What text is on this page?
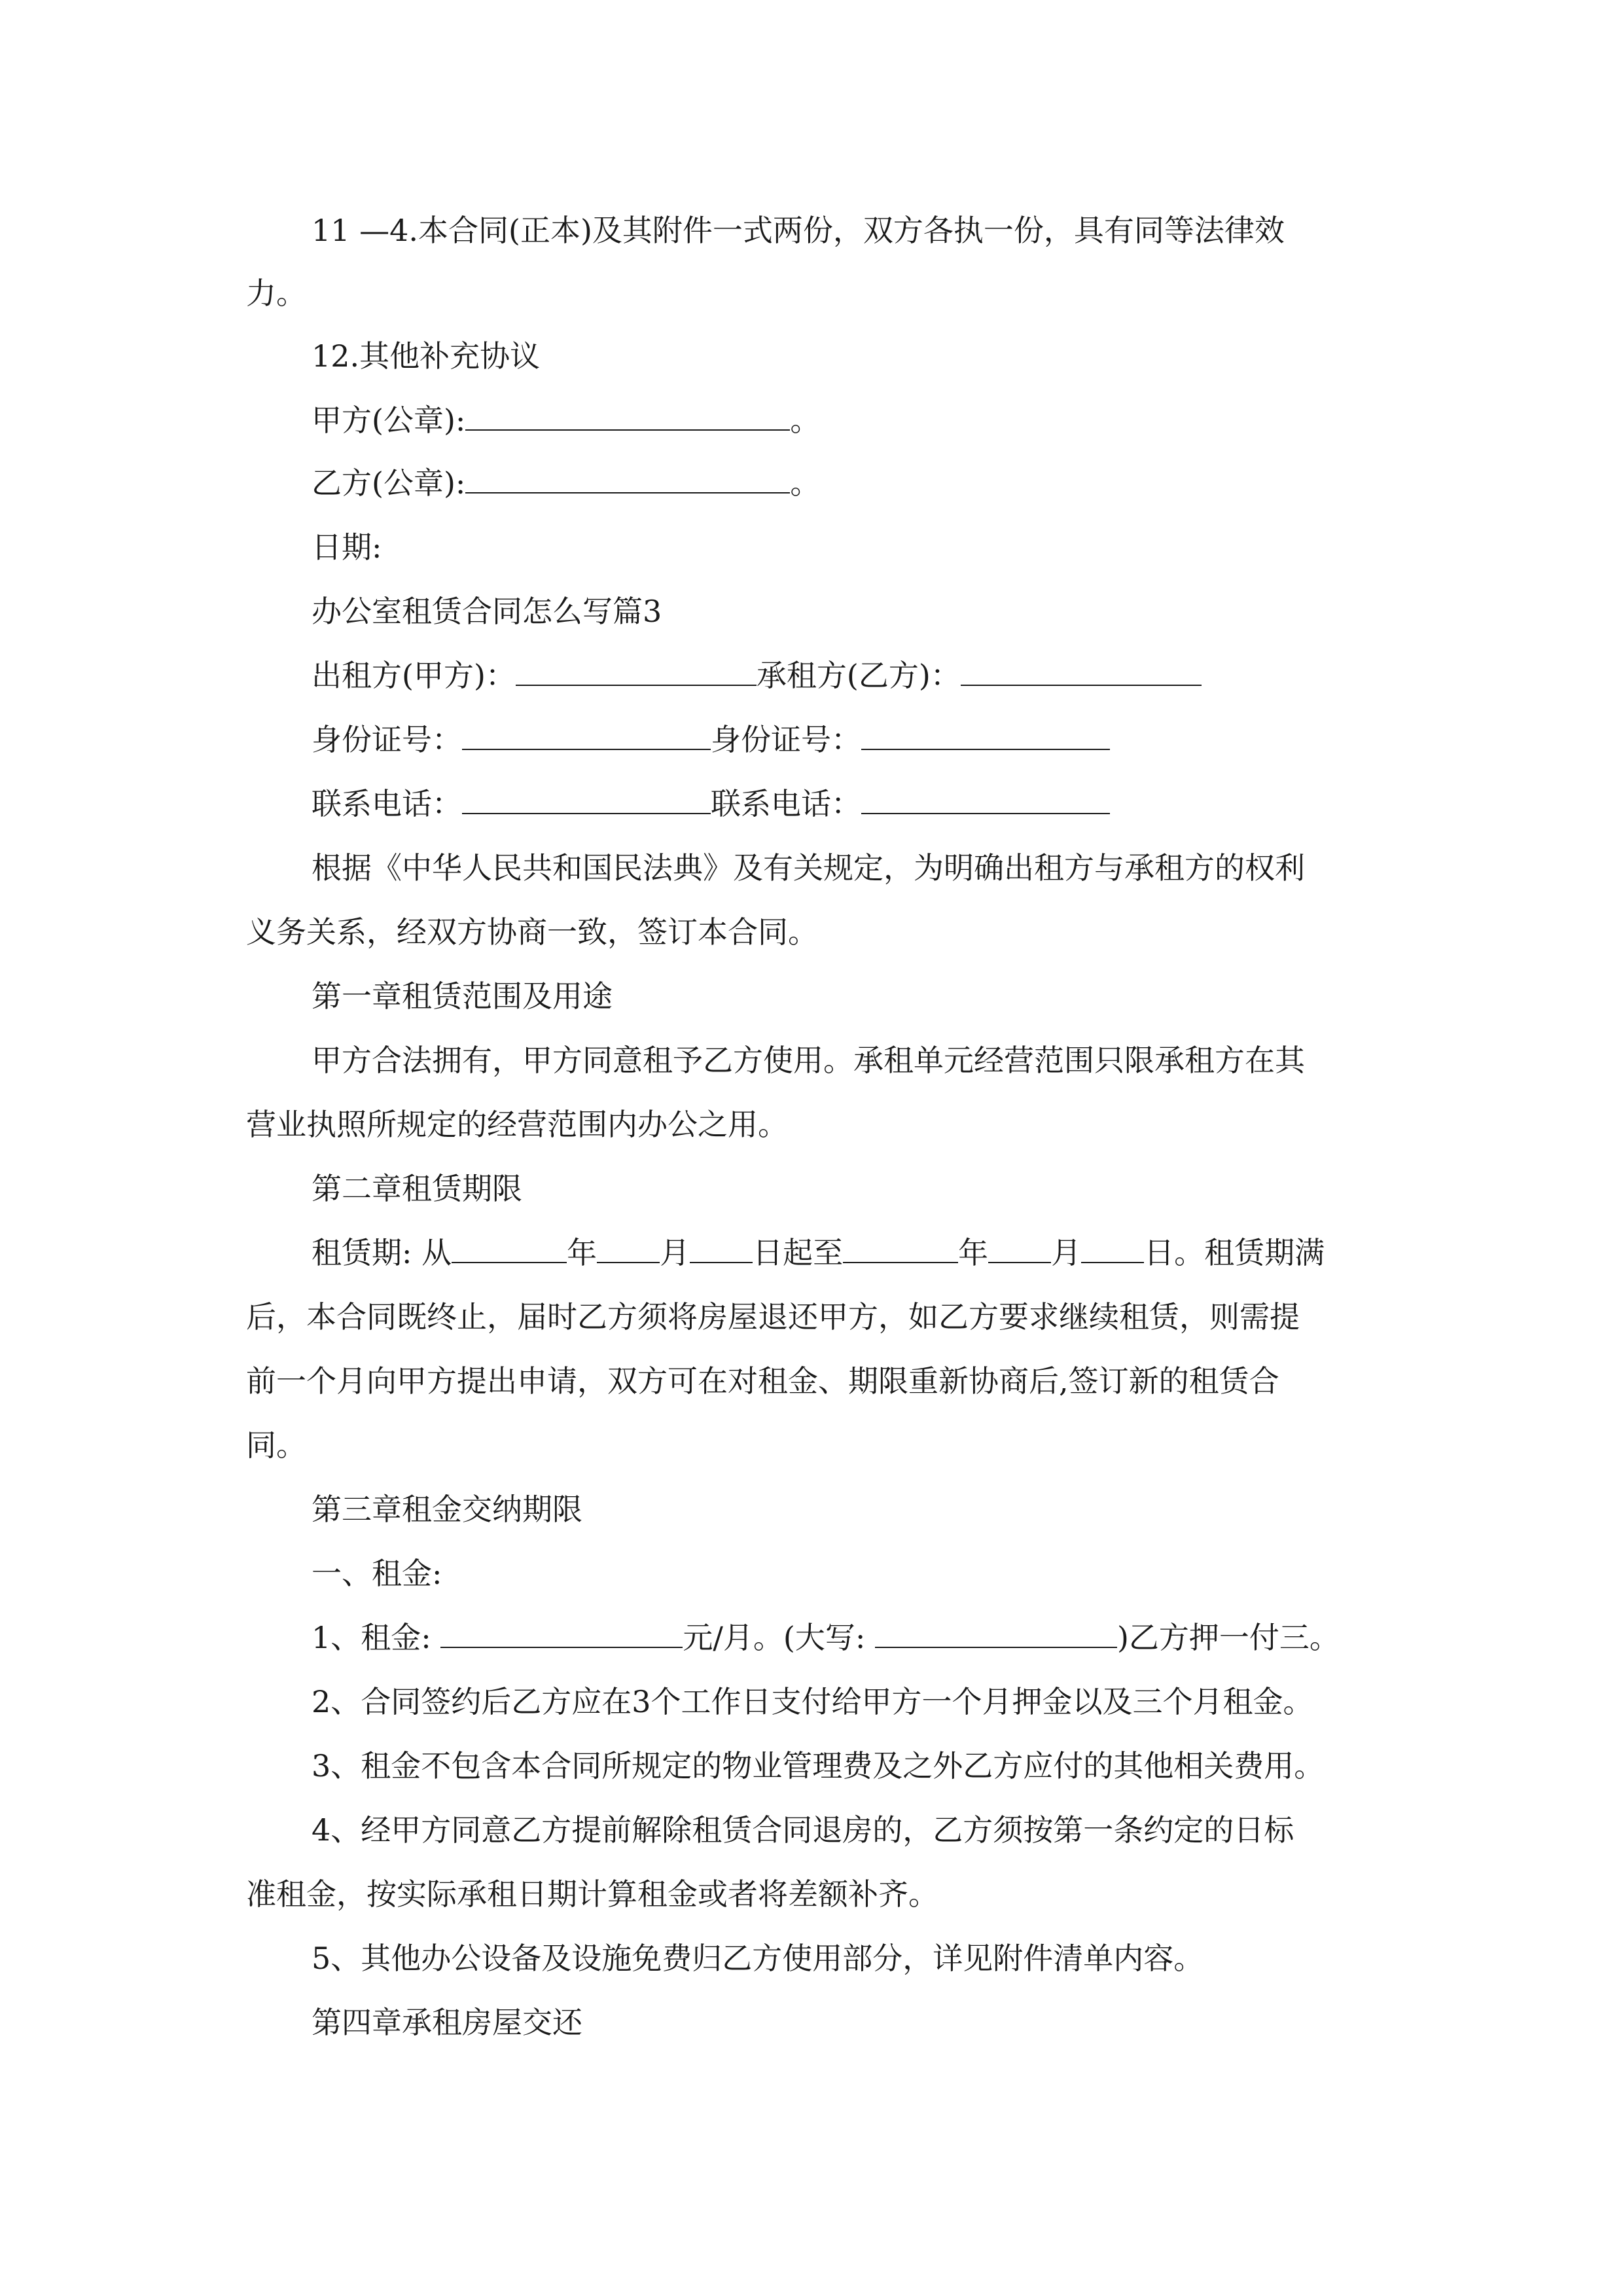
11 —4.本合同(正本)及其附件一式两份，双方各执一份，具有同等法律效
力。
12.其他补充协议
甲方(公章):	。
乙方(公章):	。
日期:
办公室租赁合同怎么写篇3
出租方(甲方)：	承租方(乙方)：
身份证号：	身份证号：
联系电话：	联系电话：
根据《中华人民共和国民法典》及有关规定，为明确出租方与承租方的权利
义务关系，经双方协商一致，签订本合同。
第一章租赁范围及用途
甲方合法拥有，甲方同意租予乙方使用。承租单元经营范围只限承租方在其
营业执照所规定的经营范围内办公之用。
第二章租赁期限
租赁期: 从	年 月 日起至	年 月 日。租赁期满
后，本合同既终止，届时乙方须将房屋退还甲方，如乙方要求继续租赁，则需提
前一个月向甲方提出申请，双方可在对租金、期限重新协商后,签订新的租赁合
同。
第三章租金交纳期限
一、租金:
1、租金:	元/月。(大写:	)乙方押一付三。
2、合同签约后乙方应在3个工作日支付给甲方一个月押金以及三个月租金。
3、租金不包含本合同所规定的物业管理费及之外乙方应付的其他相关费用。
4、经甲方同意乙方提前解除租赁合同退房的，乙方须按第一条约定的日标
准租金，按实际承租日期计算租金或者将差额补齐。
5、其他办公设备及设施免费归乙方使用部分，详见附件清单内容。
第四章承租房屋交还
